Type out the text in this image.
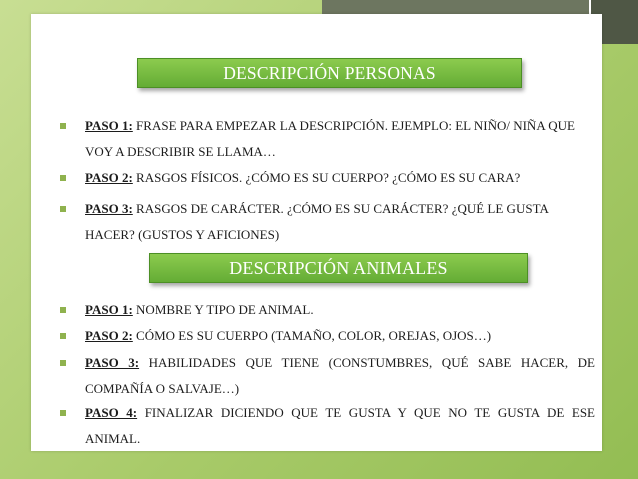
DESCRIPCIÓN PERSONAS
PASO 1: FRASE PARA EMPEZAR LA DESCRIPCIÓN. EJEMPLO: EL NIÑO/ NIÑA QUE VOY A DESCRIBIR SE LLAMA…
PASO 2: RASGOS FÍSICOS. ¿CÓMO ES SU CUERPO? ¿CÓMO ES SU CARA?
PASO 3: RASGOS DE CARÁCTER. ¿CÓMO ES SU CARÁCTER? ¿QUÉ LE GUSTA HACER? (GUSTOS Y AFICIONES)
DESCRIPCIÓN ANIMALES
PASO 1: NOMBRE Y TIPO DE ANIMAL.
PASO 2: CÓMO ES SU CUERPO (TAMAÑO, COLOR, OREJAS, OJOS…)
PASO 3: HABILIDADES QUE TIENE (CONSTUMBRES, QUÉ SABE HACER, DE COMPAÑÍA O SALVAJE…)
PASO 4: FINALIZAR DICIENDO QUE TE GUSTA Y QUE NO TE GUSTA DE ESE ANIMAL.
